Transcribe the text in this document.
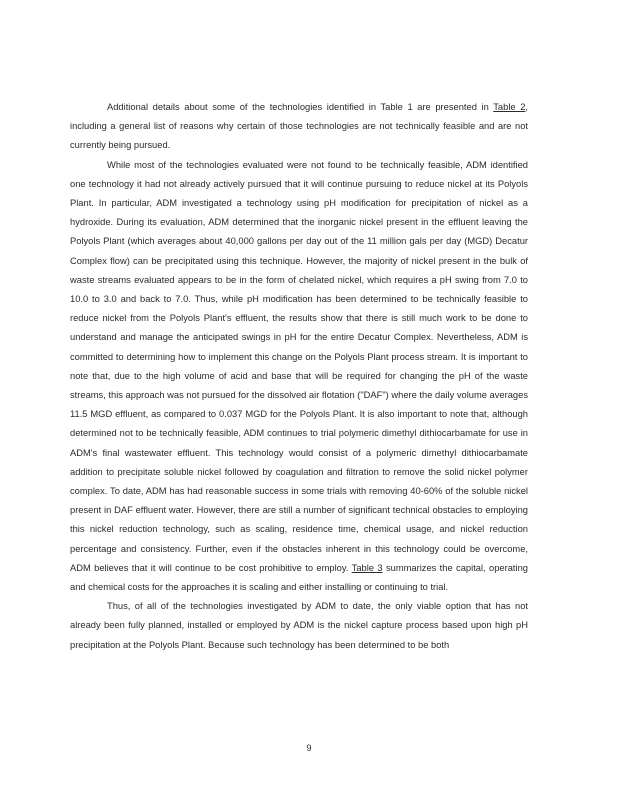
Additional details about some of the technologies identified in Table 1 are presented in Table 2, including a general list of reasons why certain of those technologies are not technically feasible and are not currently being pursued.

While most of the technologies evaluated were not found to be technically feasible, ADM identified one technology it had not already actively pursued that it will continue pursuing to reduce nickel at its Polyols Plant. In particular, ADM investigated a technology using pH modification for precipitation of nickel as a hydroxide. During its evaluation, ADM determined that the inorganic nickel present in the effluent leaving the Polyols Plant (which averages about 40,000 gallons per day out of the 11 million gals per day (MGD) Decatur Complex flow) can be precipitated using this technique. However, the majority of nickel present in the bulk of waste streams evaluated appears to be in the form of chelated nickel, which requires a pH swing from 7.0 to 10.0 to 3.0 and back to 7.0. Thus, while pH modification has been determined to be technically feasible to reduce nickel from the Polyols Plant's effluent, the results show that there is still much work to be done to understand and manage the anticipated swings in pH for the entire Decatur Complex. Nevertheless, ADM is committed to determining how to implement this change on the Polyols Plant process stream. It is important to note that, due to the high volume of acid and base that will be required for changing the pH of the waste streams, this approach was not pursued for the dissolved air flotation ("DAF") where the daily volume averages 11.5 MGD effluent, as compared to 0.037 MGD for the Polyols Plant. It is also important to note that, although determined not to be technically feasible, ADM continues to trial polymeric dimethyl dithiocarbamate for use in ADM's final wastewater effluent. This technology would consist of a polymeric dimethyl dithiocarbamate addition to precipitate soluble nickel followed by coagulation and filtration to remove the solid nickel polymer complex. To date, ADM has had reasonable success in some trials with removing 40-60% of the soluble nickel present in DAF effluent water. However, there are still a number of significant technical obstacles to employing this nickel reduction technology, such as scaling, residence time, chemical usage, and nickel reduction percentage and consistency. Further, even if the obstacles inherent in this technology could be overcome, ADM believes that it will continue to be cost prohibitive to employ. Table 3 summarizes the capital, operating and chemical costs for the approaches it is scaling and either installing or continuing to trial.

Thus, of all of the technologies investigated by ADM to date, the only viable option that has not already been fully planned, installed or employed by ADM is the nickel capture process based upon high pH precipitation at the Polyols Plant. Because such technology has been determined to be both

9
